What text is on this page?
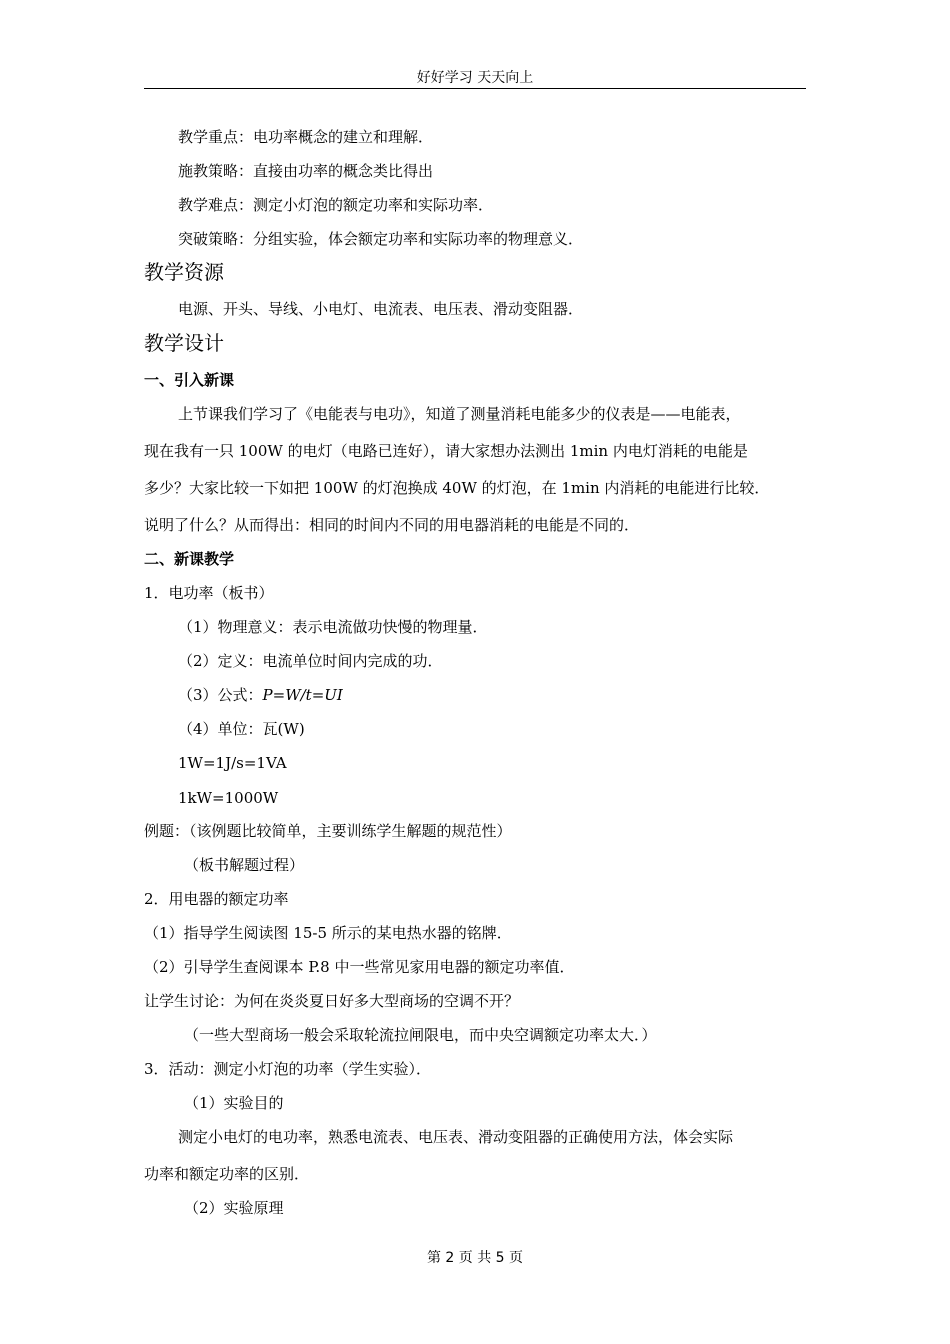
好好学习 天天向上
教学重点：电功率概念的建立和理解．
施教策略：直接由功率的概念类比得出
教学难点：测定小灯泡的额定功率和实际功率．
突破策略：分组实验，体会额定功率和实际功率的物理意义．
教学资源
电源、开头、导线、小电灯、电流表、电压表、滑动变阻器．
教学设计
一、引入新课
上节课我们学习了《电能表与电功》，知道了测量消耗电能多少的仪表是——电能表，
现在我有一只 100W 的电灯（电路已连好），请大家想办法测出 1min 内电灯消耗的电能是
多少？大家比较一下如把 100W 的灯泡换成 40W 的灯泡，在 1min 内消耗的电能进行比较．
说明了什么？从而得出：相同的时间内不同的用电器消耗的电能是不同的．
二、新课教学
1．电功率（板书）
（1）物理意义：表示电流做功快慢的物理量．
（2）定义：电流单位时间内完成的功．
（3）公式：P=W/t=UI
（4）单位：瓦(W)
1W=1J/s=1VA
1kW=1000W
例题：（该例题比较简单，主要训练学生解题的规范性）
（板书解题过程）
2．用电器的额定功率
（1）指导学生阅读图 15-5 所示的某电热水器的铭牌．
（2）引导学生查阅课本 P.8 中一些常见家用电器的额定功率值．
让学生讨论：为何在炎炎夏日好多大型商场的空调不开？
（一些大型商场一般会采取轮流拉闸限电，而中央空调额定功率太大．）
3．活动：测定小灯泡的功率（学生实验）．
（1）实验目的
测定小电灯的电功率，熟悉电流表、电压表、滑动变阻器的正确使用方法，体会实际
功率和额定功率的区别．
（2）实验原理
第 2 页 共 5 页
